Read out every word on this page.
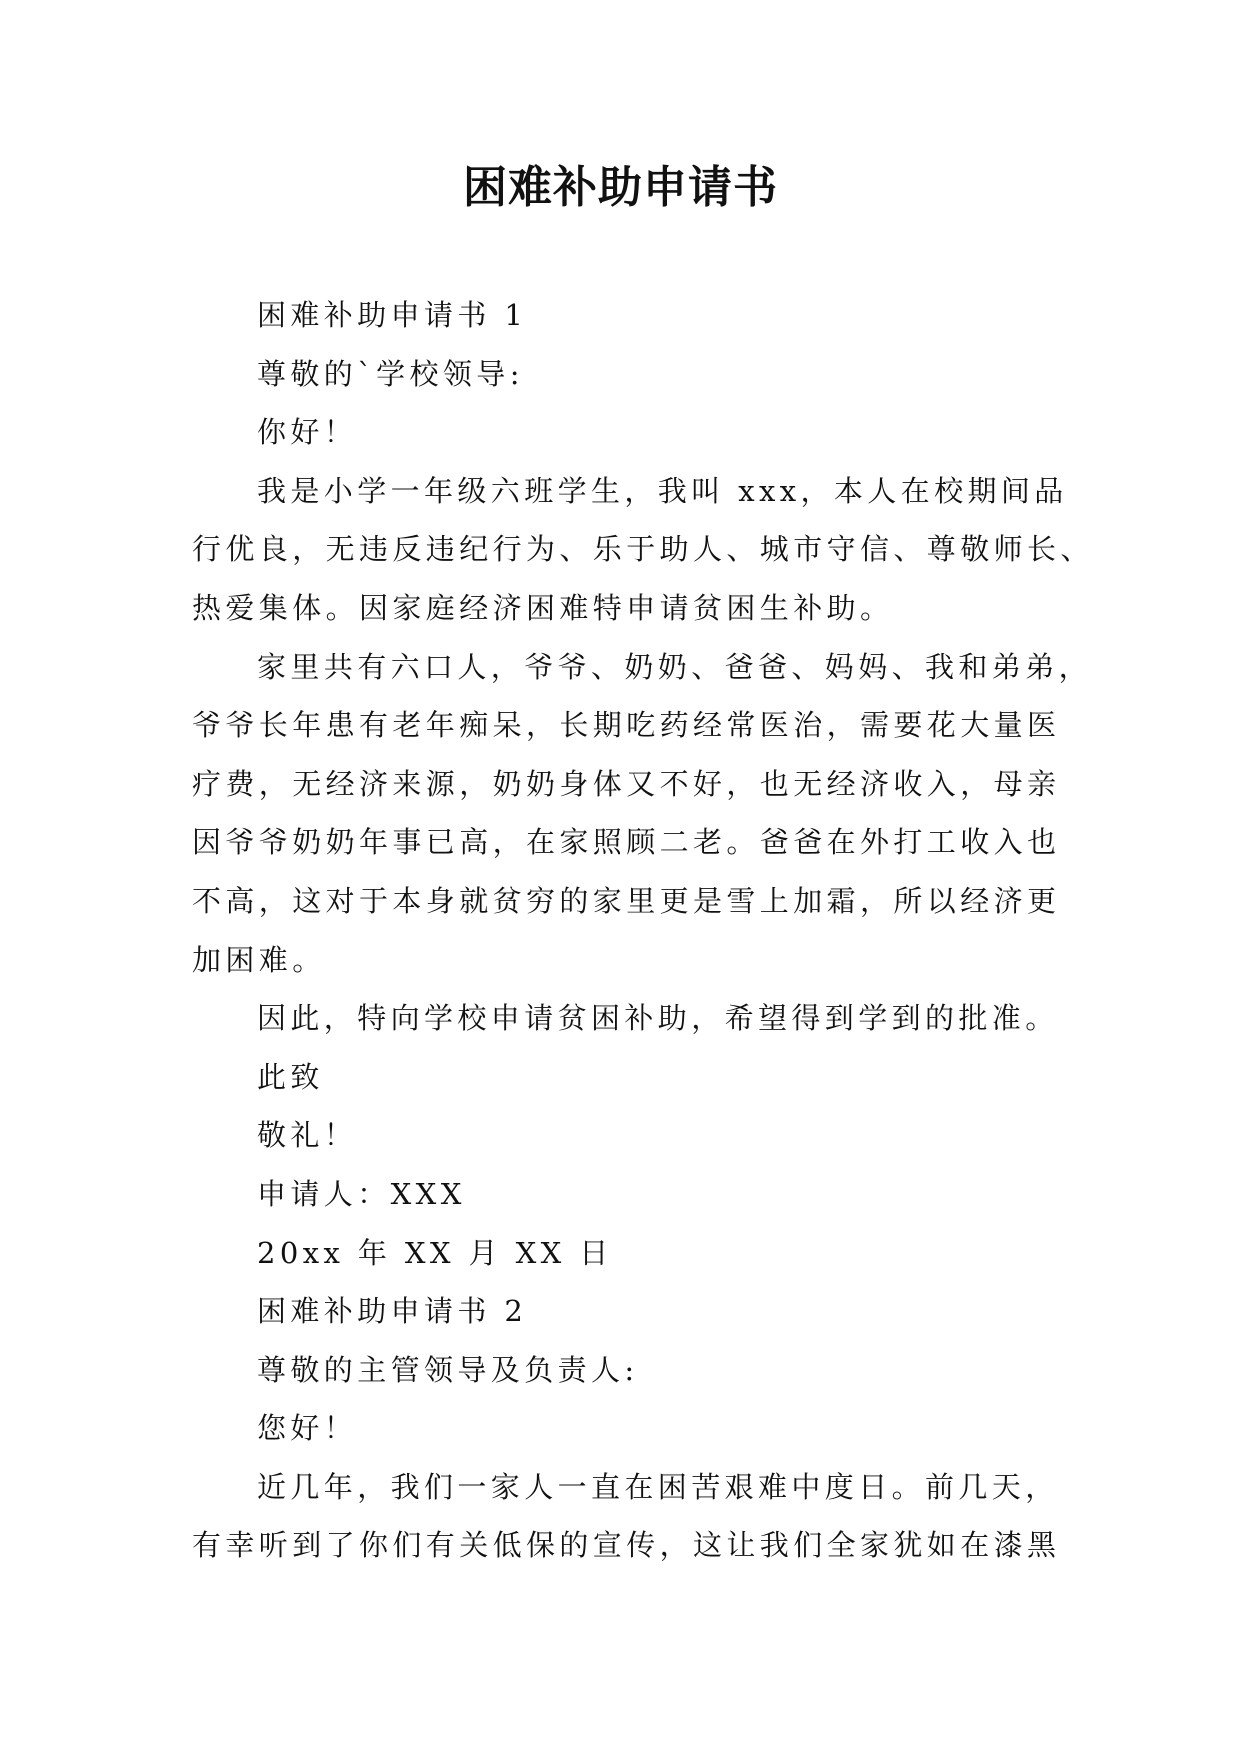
困难补助申请书

困难补助申请书 1

尊敬的`学校领导:

你好！

我是小学一年级六班学生，我叫 xxx，本人在校期间品

行优良，无违反违纪行为、乐于助人、城市守信、尊敬师长、

热爱集体。因家庭经济困难特申请贫困生补助。

家里共有六口人，爷爷、奶奶、爸爸、妈妈、我和弟弟，

爷爷长年患有老年痴呆，长期吃药经常医治，需要花大量医

疗费，无经济来源，奶奶身体又不好，也无经济收入，母亲

因爷爷奶奶年事已高，在家照顾二老。爸爸在外打工收入也

不高，这对于本身就贫穷的家里更是雪上加霜，所以经济更

加困难。

因此，特向学校申请贫困补助，希望得到学到的批准。

此致

敬礼！

申请人：XXX

20xx 年 XX 月 XX 日

困难补助申请书 2

尊敬的主管领导及负责人:

您好！

近几年，我们一家人一直在困苦艰难中度日。前几天，

有幸听到了你们有关低保的宣传，这让我们全家犹如在漆黑
